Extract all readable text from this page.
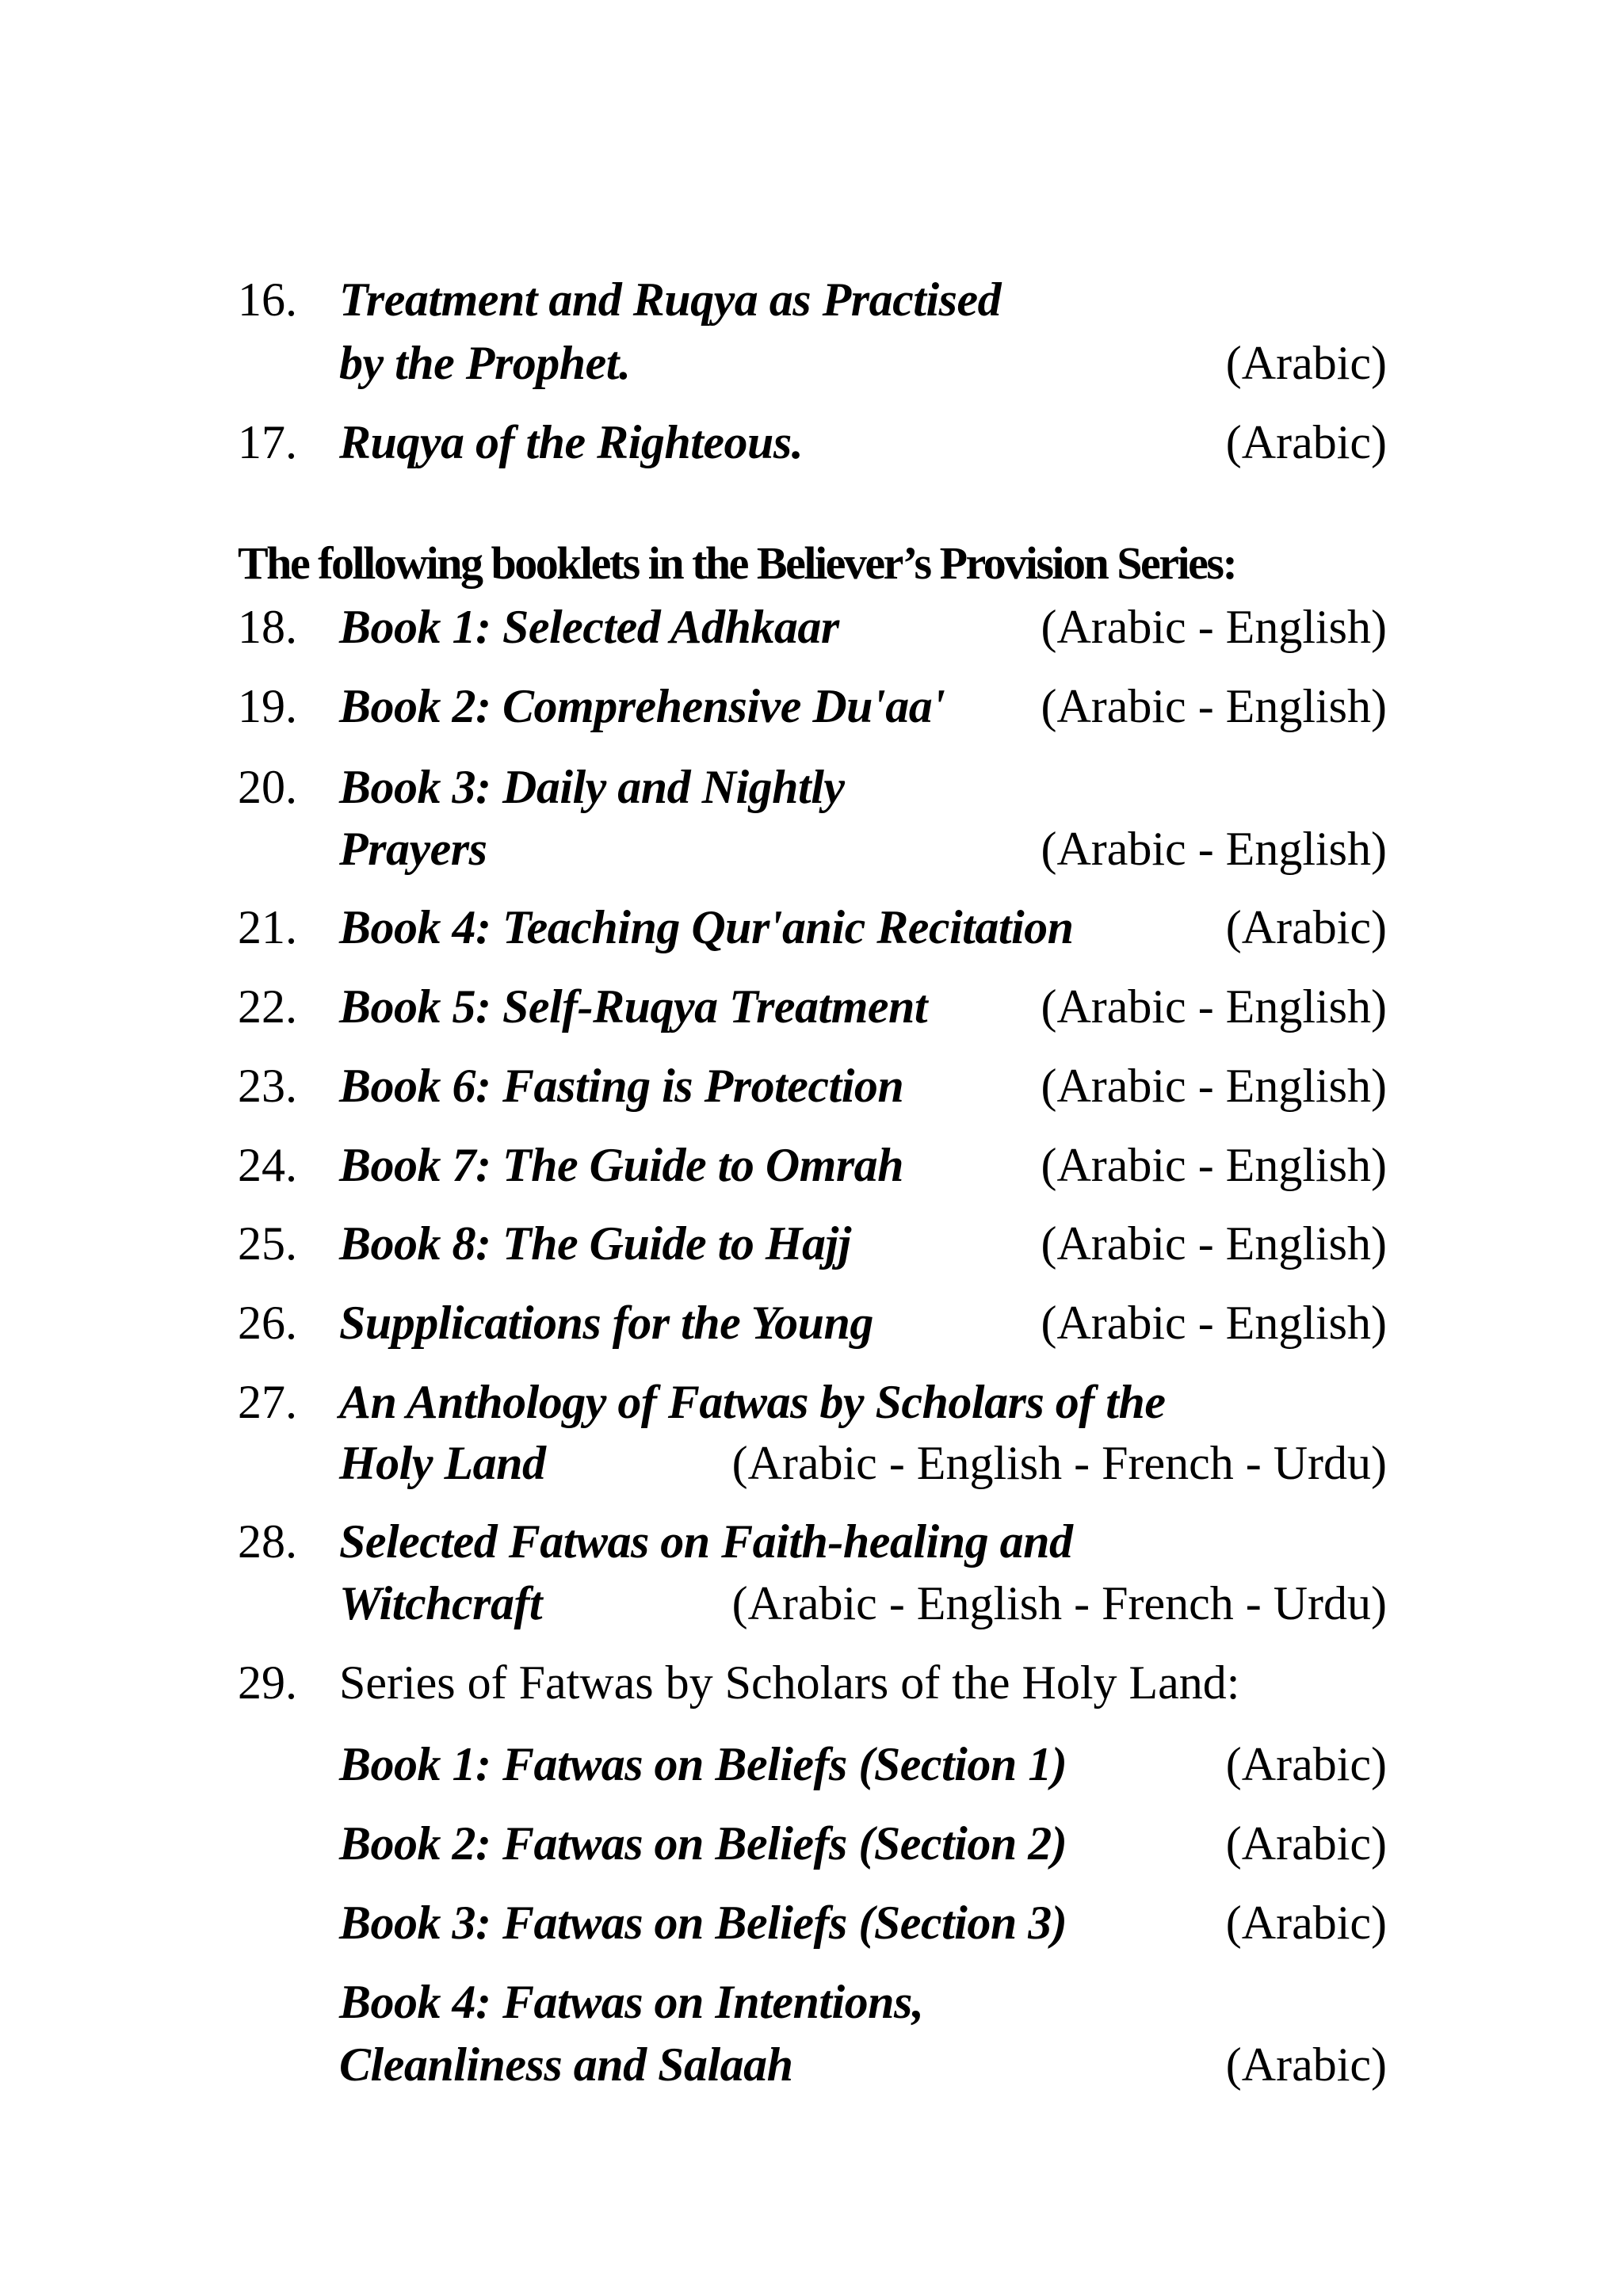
16. Treatment and Ruqya as Practised
by the Prophet.	(Arabic)
17. Ruqya of the Righteous.	(Arabic)
The following booklets in the Believer’s Provision Series:
18. Book 1: Selected Adhkaar	(Arabic - English)
19. Book 2: Comprehensive Du'aa' (Arabic - English)
20. Book 3: Daily and Nightly
Prayers	(Arabic - English)
21. Book 4: Teaching Qur'anic Recitation	(Arabic)
22. Book 5: Self-Ruqya Treatment (Arabic - English)
23. Book 6: Fasting is Protection	(Arabic - English)
24. Book 7: The Guide to Omrah	(Arabic - English)
25. Book 8: The Guide to Hajj	(Arabic - English)
26. Supplications for the Young	(Arabic - English)
27. An Anthology of Fatwas by Scholars of the
Holy Land	(Arabic - English - French - Urdu)
28. Selected Fatwas on Faith-healing and
Witchcraft	(Arabic - English - French - Urdu)
29. Series of Fatwas by Scholars of the Holy Land:
Book 1: Fatwas on Beliefs (Section 1)	(Arabic)
Book 2: Fatwas on Beliefs (Section 2)	(Arabic)
Book 3: Fatwas on Beliefs (Section 3)	(Arabic)
Book 4: Fatwas on Intentions,
Cleanliness and Salaah	(Arabic)
